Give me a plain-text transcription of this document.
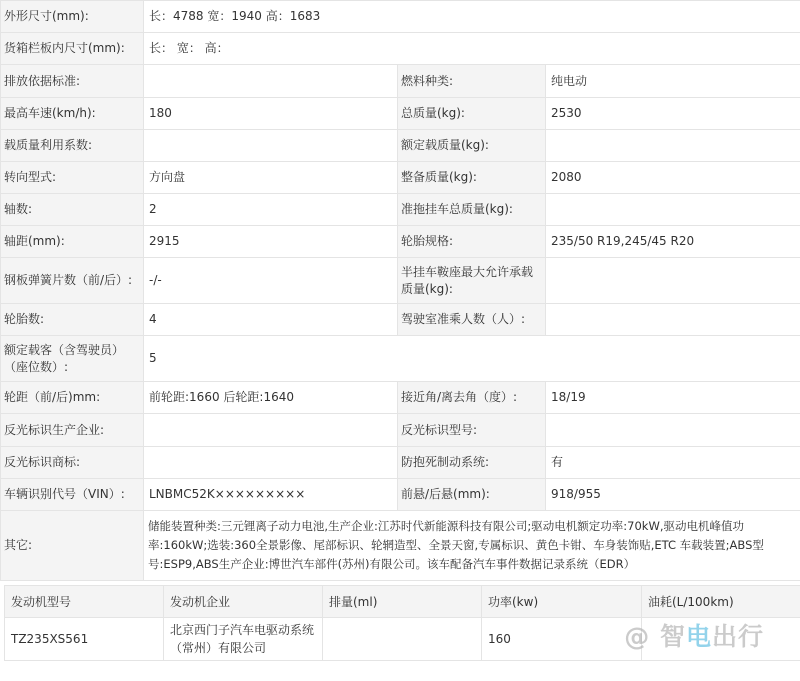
外形尺寸(mm):	长：4788 宽：1940 高：1683		
货箱栏板内尺寸(mm):	长： 宽： 高：		
排放依据标准:		燃料种类:	纯电动
最高车速(km/h):	180	总质量(kg):	2530
载质量利用系数:		额定载质量(kg):	
转向型式:	方向盘	整备质量(kg):	2080
轴数:	2	准拖挂车总质量(kg):	
轴距(mm):	2915	轮胎规格:	235/50 R19,245/45 R20
钢板弹簧片数（前/后）:	-/-	半挂车鞍座最大允许承载质量(kg):	
轮胎数:	4	驾驶室准乘人数（人）:	
额定载客（含驾驶员）（座位数）:	5		
轮距（前/后)mm:	前轮距:1660 后轮距:1640	接近角/离去角（度）:	18/19
反光标识生产企业:		反光标识型号:	
反光标识商标:		防抱死制动系统:	有
车辆识别代号（VIN）:	LNBMC52K×××××××××	前悬/后悬(mm):	918/955
其它:	储能装置种类:三元锂离子动力电池,生产企业:江苏时代新能源科技有限公司;驱动电机额定功率:70kW,驱动电机峰值功率:160kW;选装:360全景影像、尾部标识、轮辋造型、全景天窗,专属标识、黄色卡钳、车身装饰贴,ETC 车载装置;ABS型号:ESP9,ABS生产企业:博世汽车部件(苏州)有限公司。该车配备汽车事件数据记录系统（EDR）		
发动机型号	发动机企业	排量(ml)	功率(kw)	油耗(L/100km)
TZ235XS561	北京西门子汽车电驱动系统（常州）有限公司		160		@ 智电出行
